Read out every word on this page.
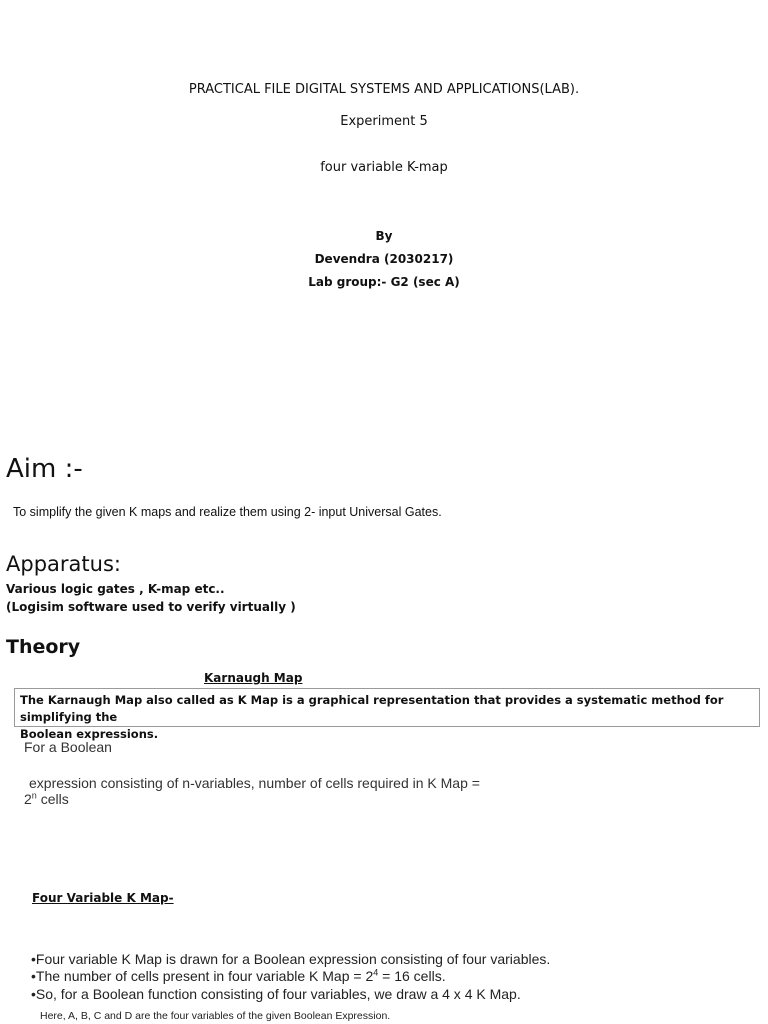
PRACTICAL FILE DIGITAL SYSTEMS AND APPLICATIONS(LAB).
Experiment 5
four variable K-map
By
Devendra (2030217)
Lab group:- G2 (sec A)
Aim :-
To simplify the given K maps and realize them using 2- input Universal Gates.
Apparatus:
Various logic gates , K-map etc..
(Logisim software used to verify virtually )
Theory
Karnaugh Map
The Karnaugh Map also called as K Map is a graphical representation that provides a systematic method for simplifying the
Boolean expressions.
For a Boolean
expression consisting of n-variables, number of cells required in K Map =
$2^n$ cells
Four Variable K Map-
•Four variable K Map is drawn for a Boolean expression consisting of four variables.
•The number of cells present in four variable K Map = $2^4 = 16$ cells.
•So, for a Boolean function consisting of four variables, we draw a 4 x 4 K Map.
Here, A, B, C and D are the four variables of the given Boolean Expression.
